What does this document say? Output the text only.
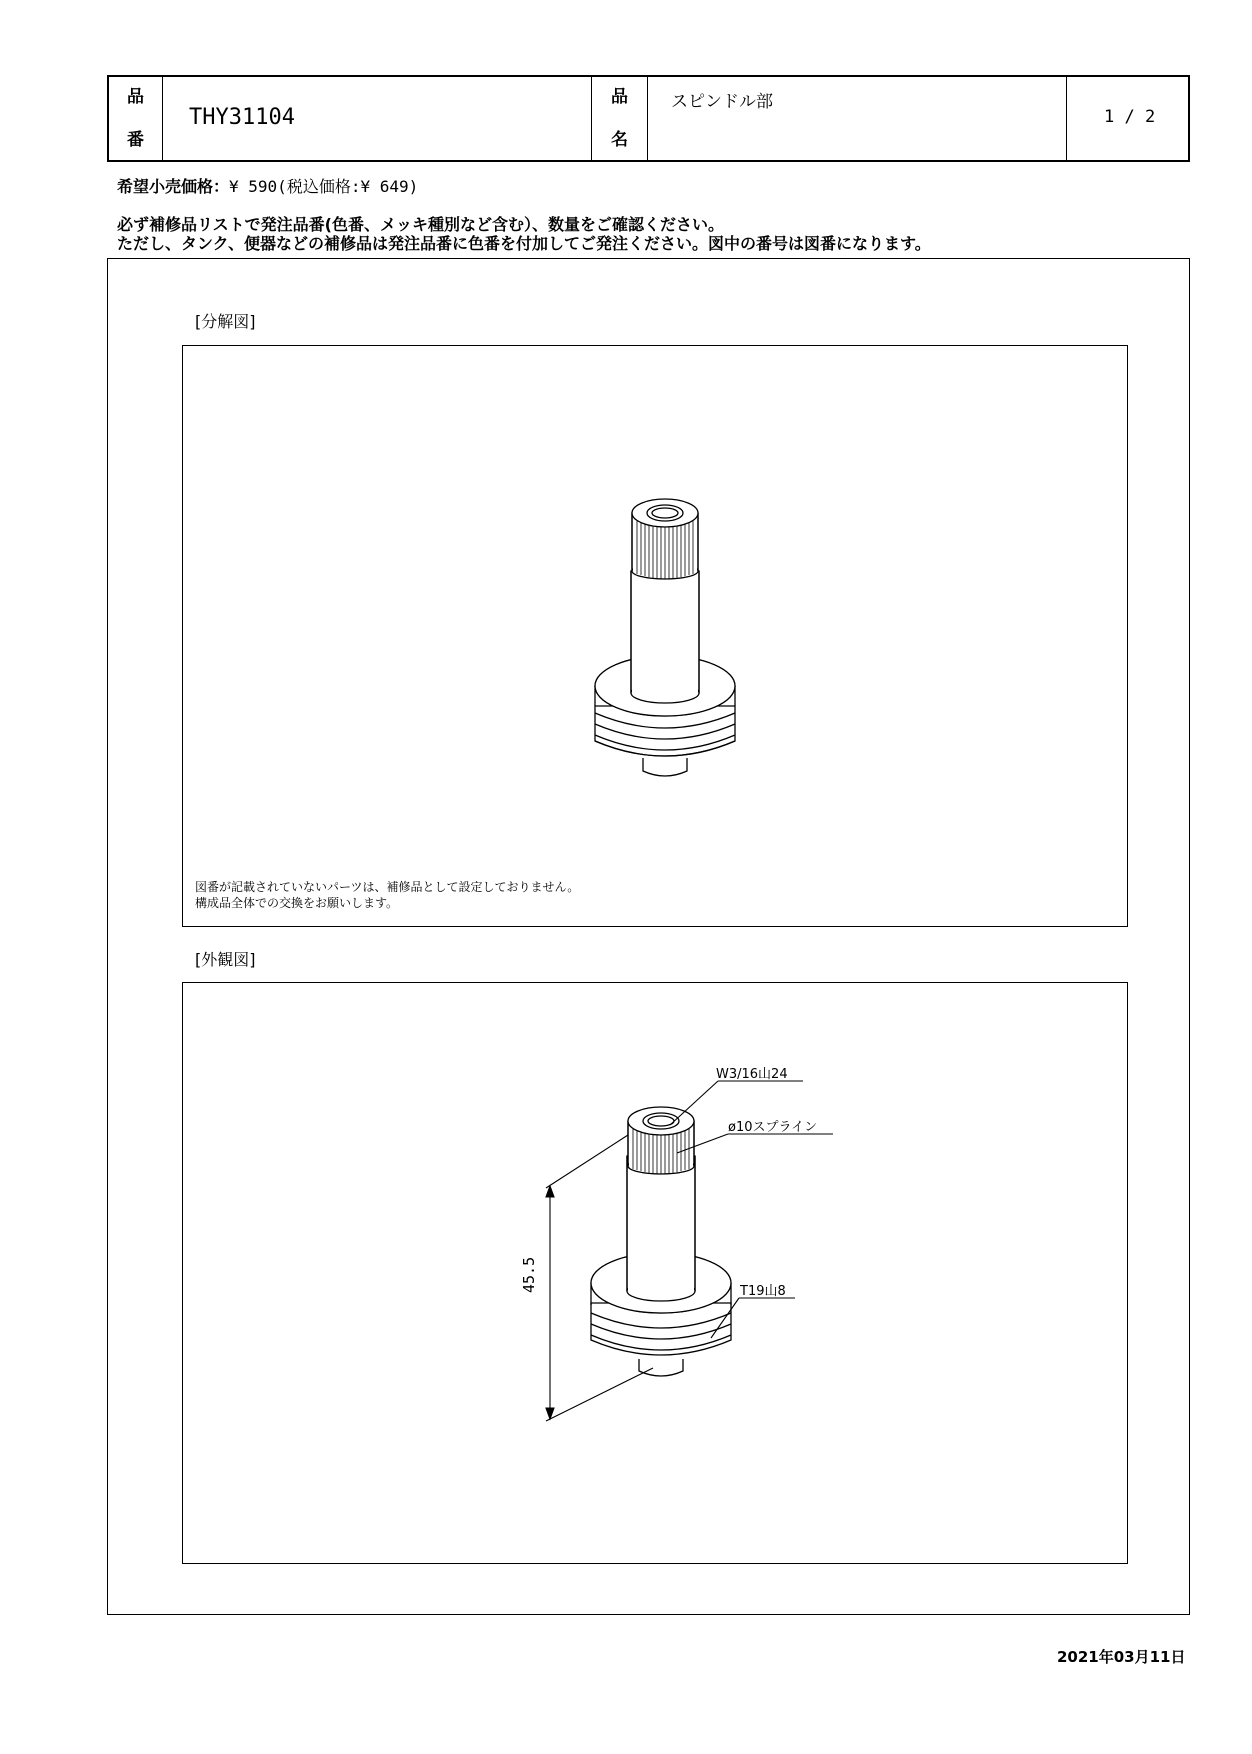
品
番
THY31104
品
名
スピンドル部
1 / 2
希望小売価格：¥ 590(税込価格:¥ 649)
必ず補修品リストで発注品番(色番、メッキ種別など含む）、数量をご確認ください。
ただし、タンク、便器などの補修品は発注品番に色番を付加してご発注ください。図中の番号は図番になります。
[分解図]
図番が記載されていないパーツは、補修品として設定しておりません。
構成品全体での交換をお願いします。
[外観図]
W3/16山24
ø10スプライン
T19山8
45.5
2021年03月11日
